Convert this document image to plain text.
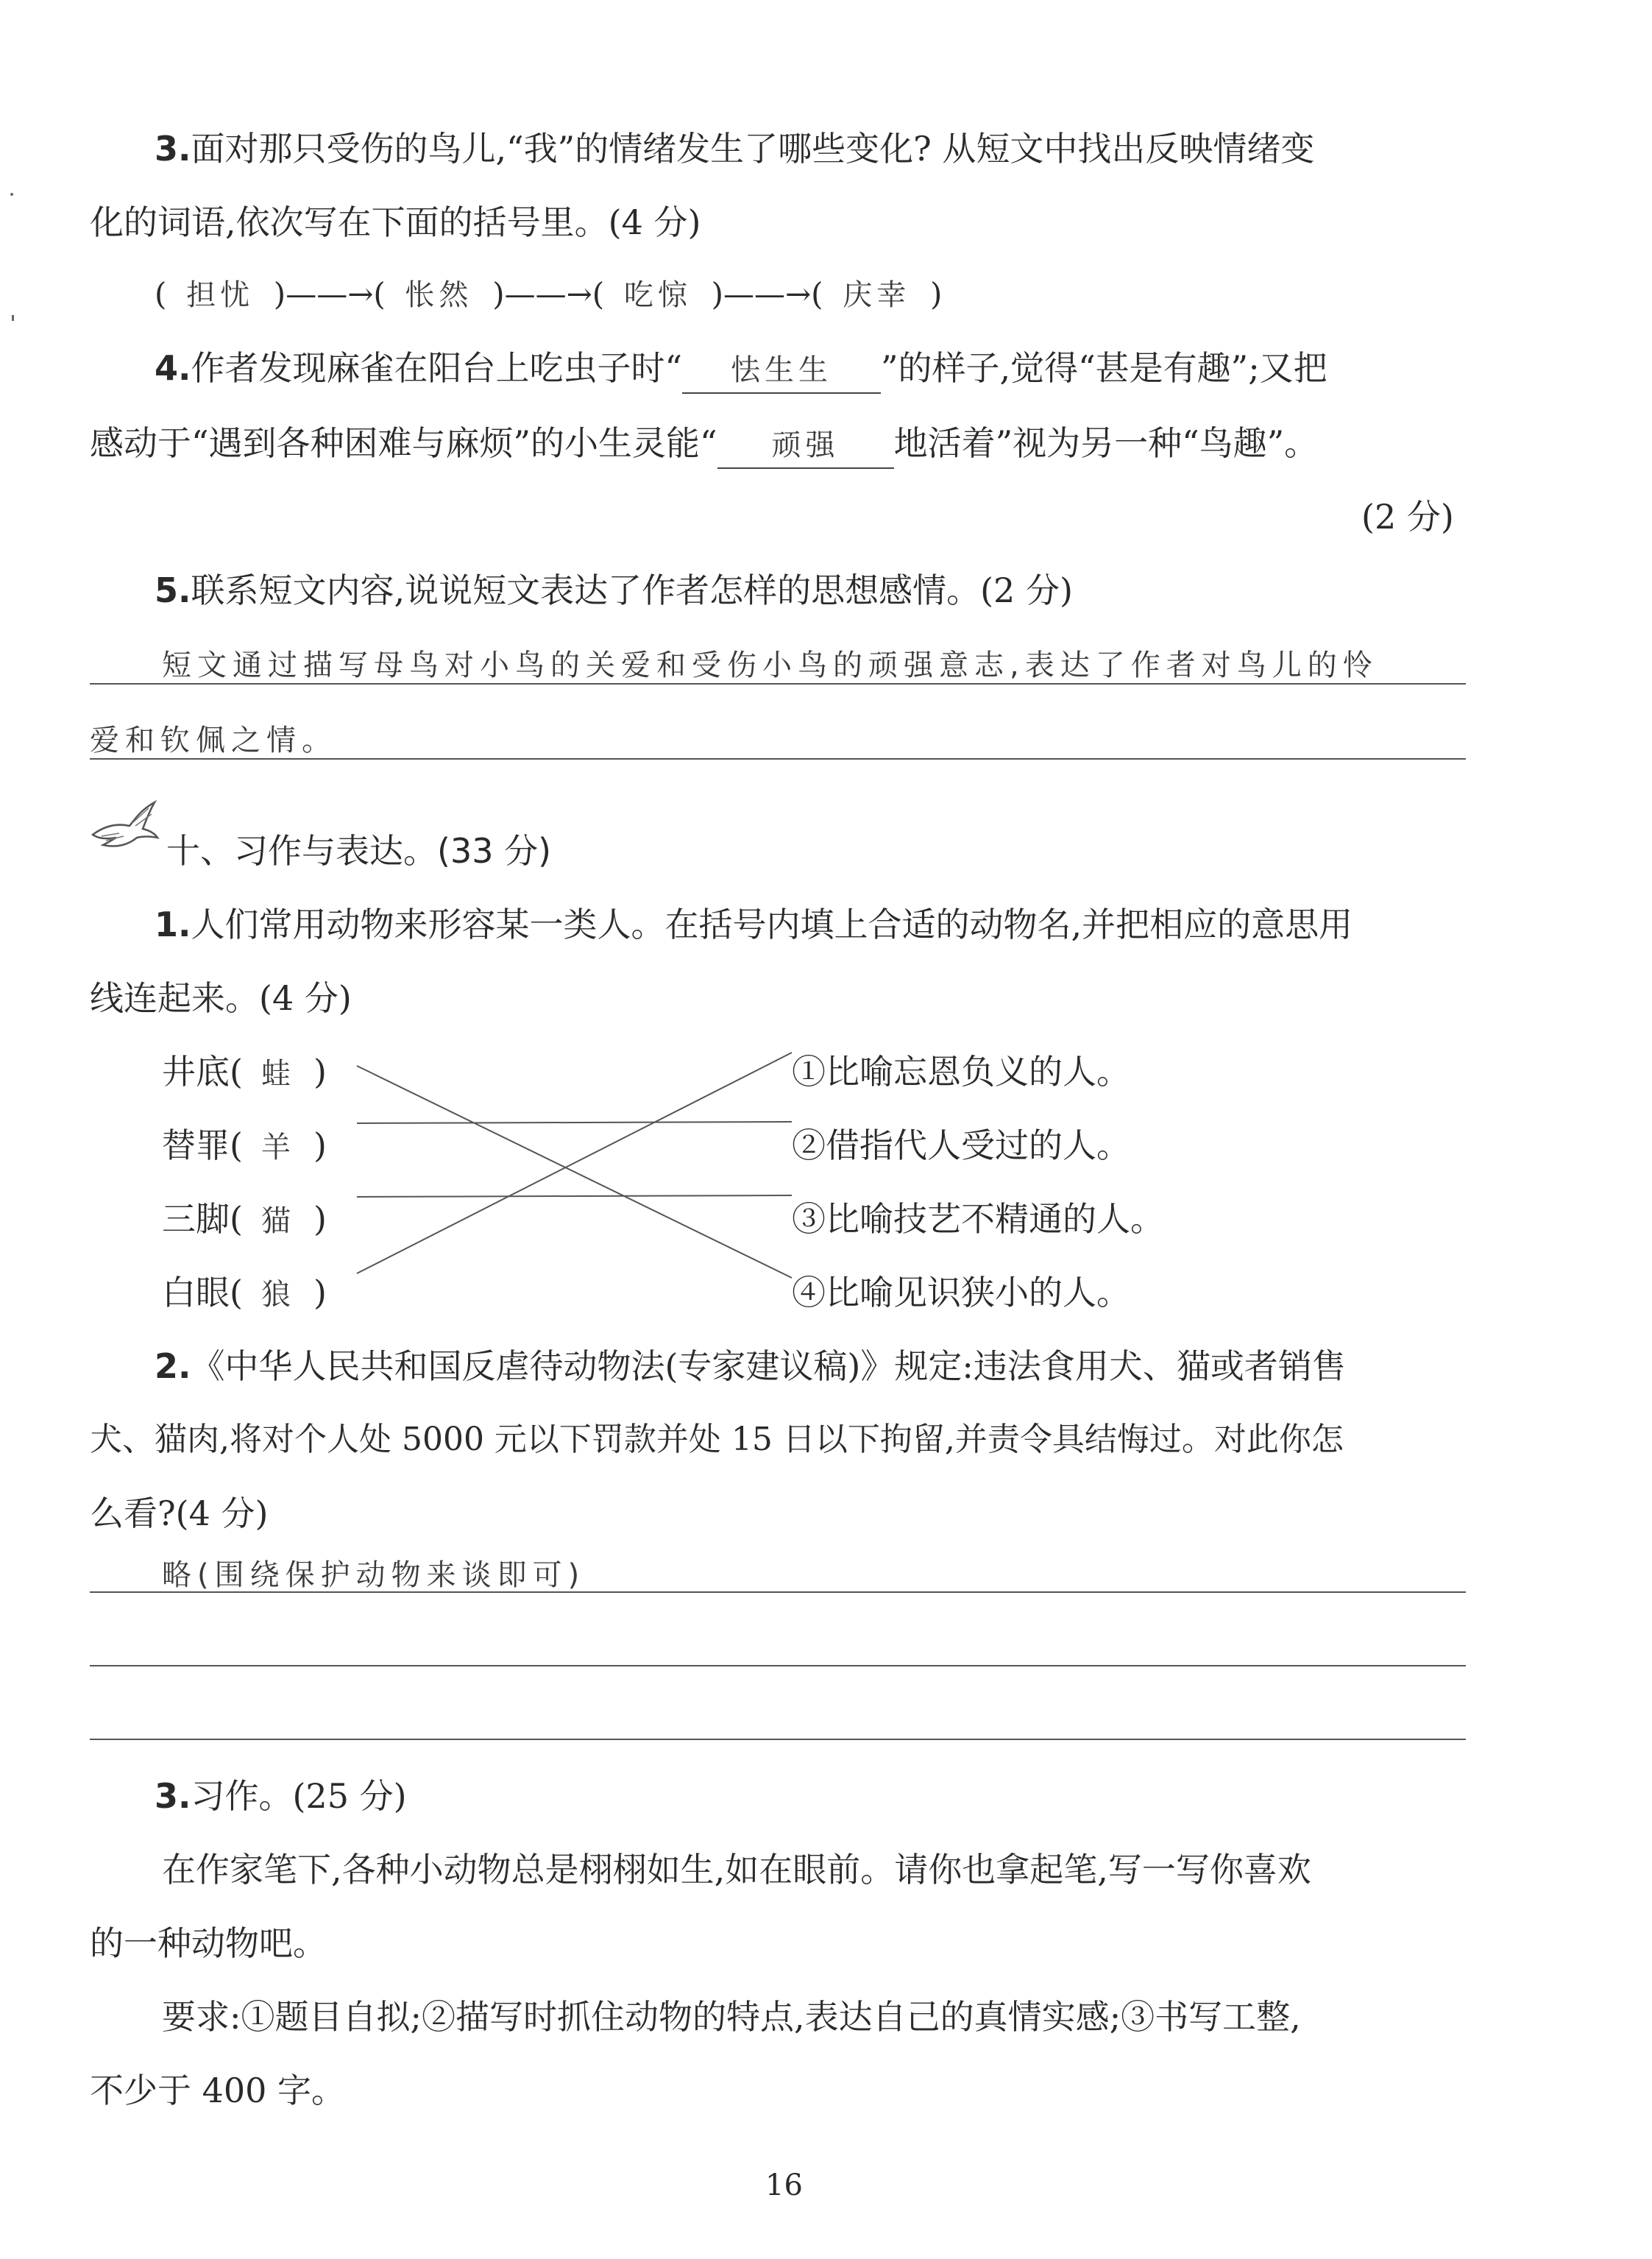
3.面对那只受伤的鸟儿,“我”的情绪发生了哪些变化? 从短文中找出反映情绪变
化的词语,依次写在下面的括号里。(4 分)
( 担忧 )——→( 怅然 )——→( 吃惊 )——→( 庆幸 )
4.作者发现麻雀在阳台上吃虫子时“ 怯生生 ”的样子,觉得“甚是有趣”;又把
感动于“遇到各种困难与麻烦”的小生灵能“ 顽强 地活着”视为另一种“鸟趣”。
(2 分)
5.联系短文内容,说说短文表达了作者怎样的思想感情。(2 分)
短文通过描写母鸟对小鸟的关爱和受伤小鸟的顽强意志,表达了作者对鸟儿的怜
爱和钦佩之情。
十、习作与表达。(33 分)
1.人们常用动物来形容某一类人。在括号内填上合适的动物名,并把相应的意思用
线连起来。(4 分)
井底( 蛙 )
替罪( 羊 )
三脚( 猫 )
白眼( 狼 )
①比喻忘恩负义的人。
②借指代人受过的人。
③比喻技艺不精通的人。
④比喻见识狭小的人。
2.《中华人民共和国反虐待动物法(专家建议稿)》规定:违法食用犬、猫或者销售
犬、猫肉,将对个人处 5000 元以下罚款并处 15 日以下拘留,并责令具结悔过。对此你怎
么看?(4 分)
略(围绕保护动物来谈即可)
3.习作。(25 分)
在作家笔下,各种小动物总是栩栩如生,如在眼前。请你也拿起笔,写一写你喜欢
的一种动物吧。
要求:①题目自拟;②描写时抓住动物的特点,表达自己的真情实感;③书写工整,
不少于 400 字。
16
